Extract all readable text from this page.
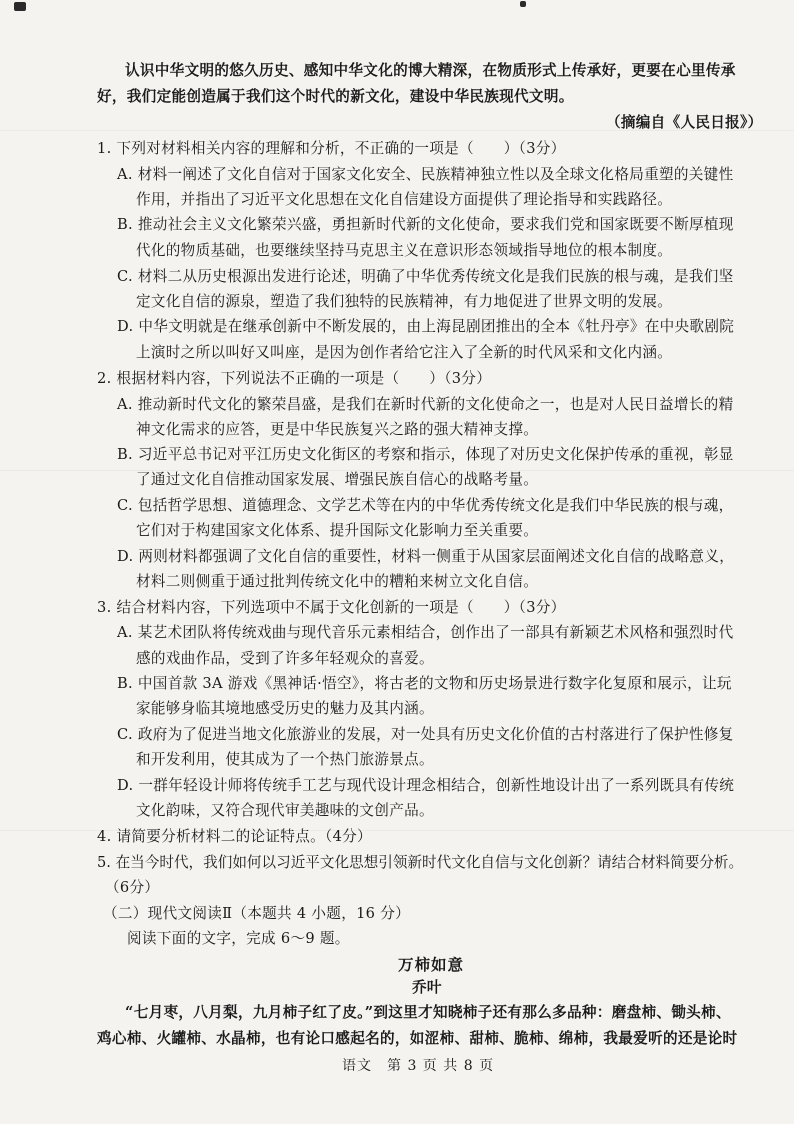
认识中华文明的悠久历史、感知中华文化的博大精深，在物质形式上传承好，更要在心里传承
好，我们定能创造属于我们这个时代的新文化，建设中华民族现代文明。
（摘编自《人民日报》）
1. 下列对材料相关内容的理解和分析，不正确的一项是（　　）（3分）
A. 材料一阐述了文化自信对于国家文化安全、民族精神独立性以及全球文化格局重塑的关键性
作用，并指出了习近平文化思想在文化自信建设方面提供了理论指导和实践路径。
B. 推动社会主义文化繁荣兴盛，勇担新时代新的文化使命，要求我们党和国家既要不断厚植现
代化的物质基础，也要继续坚持马克思主义在意识形态领域指导地位的根本制度。
C. 材料二从历史根源出发进行论述，明确了中华优秀传统文化是我们民族的根与魂，是我们坚
定文化自信的源泉，塑造了我们独特的民族精神，有力地促进了世界文明的发展。
D. 中华文明就是在继承创新中不断发展的，由上海昆剧团推出的全本《牡丹亭》在中央歌剧院
上演时之所以叫好又叫座，是因为创作者给它注入了全新的时代风采和文化内涵。
2. 根据材料内容，下列说法不正确的一项是（　　）（3分）
A. 推动新时代文化的繁荣昌盛，是我们在新时代新的文化使命之一，也是对人民日益增长的精
神文化需求的应答，更是中华民族复兴之路的强大精神支撑。
B. 习近平总书记对平江历史文化街区的考察和指示，体现了对历史文化保护传承的重视，彰显
了通过文化自信推动国家发展、增强民族自信心的战略考量。
C. 包括哲学思想、道德理念、文学艺术等在内的中华优秀传统文化是我们中华民族的根与魂，
它们对于构建国家文化体系、提升国际文化影响力至关重要。
D. 两则材料都强调了文化自信的重要性，材料一侧重于从国家层面阐述文化自信的战略意义，
材料二则侧重于通过批判传统文化中的糟粕来树立文化自信。
3. 结合材料内容，下列选项中不属于文化创新的一项是（　　）（3分）
A. 某艺术团队将传统戏曲与现代音乐元素相结合，创作出了一部具有新颖艺术风格和强烈时代
感的戏曲作品，受到了许多年轻观众的喜爱。
B. 中国首款 3A 游戏《黑神话·悟空》，将古老的文物和历史场景进行数字化复原和展示，让玩
家能够身临其境地感受历史的魅力及其内涵。
C. 政府为了促进当地文化旅游业的发展，对一处具有历史文化价值的古村落进行了保护性修复
和开发利用，使其成为了一个热门旅游景点。
D. 一群年轻设计师将传统手工艺与现代设计理念相结合，创新性地设计出了一系列既具有传统
文化韵味，又符合现代审美趣味的文创产品。
4. 请简要分析材料二的论证特点。（4分）
5. 在当今时代，我们如何以习近平文化思想引领新时代文化自信与文化创新？请结合材料简要分析。
（6分）
（二）现代文阅读Ⅱ（本题共 4 小题，16 分）
阅读下面的文字，完成 6～9 题。
万柿如意
乔叶
“七月枣，八月梨，九月柿子红了皮。”到这里才知晓柿子还有那么多品种：磨盘柿、锄头柿、
鸡心柿、火罐柿、水晶柿，也有论口感起名的，如涩柿、甜柿、脆柿、绵柿，我最爱听的还是论时
语文　第 3 页 共 8 页
